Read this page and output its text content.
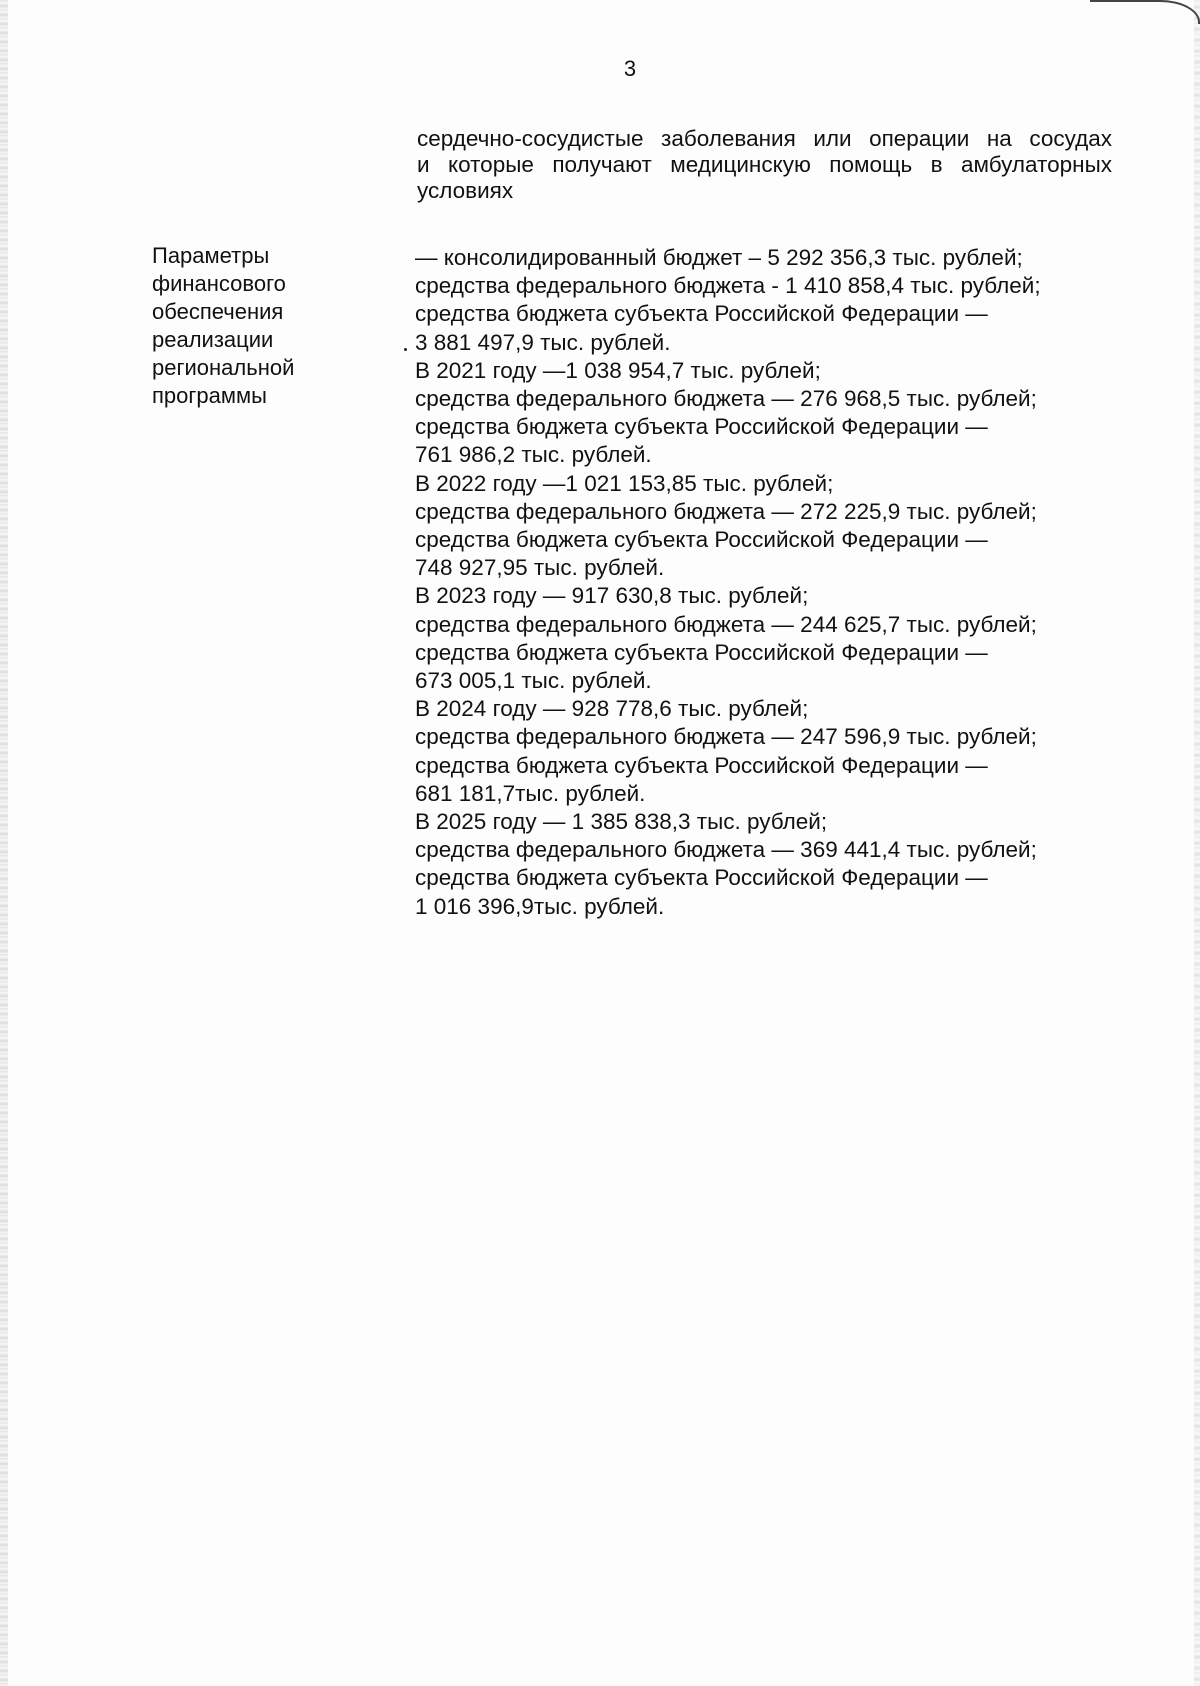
3
сердечно-сосудистые заболевания или операции на сосудах
и которые получают медицинскую помощь в амбулаторных
условиях
Параметры
финансового
обеспечения
реализации
региональной
программы
— консолидированный бюджет – 5 292 356,3 тыс. рублей;
средства федерального бюджета - 1 410 858,4 тыс. рублей;
средства бюджета субъекта Российской Федерации —
3 881 497,9 тыс. рублей.
В 2021 году —1 038 954,7 тыс. рублей;
средства федерального бюджета — 276 968,5 тыс. рублей;
средства бюджета субъекта Российской Федерации —
761 986,2 тыс. рублей.
В 2022 году —1 021 153,85 тыс. рублей;
средства федерального бюджета — 272 225,9 тыс. рублей;
средства бюджета субъекта Российской Федерации —
748 927,95 тыс. рублей.
В 2023 году — 917 630,8 тыс. рублей;
средства федерального бюджета — 244 625,7 тыс. рублей;
средства бюджета субъекта Российской Федерации —
673 005,1 тыс. рублей.
В 2024 году — 928 778,6 тыс. рублей;
средства федерального бюджета — 247 596,9 тыс. рублей;
средства бюджета субъекта Российской Федерации —
681 181,7тыс. рублей.
В 2025 году — 1 385 838,3 тыс. рублей;
средства федерального бюджета — 369 441,4 тыс. рублей;
средства бюджета субъекта Российской Федерации —
1 016 396,9тыс. рублей.
